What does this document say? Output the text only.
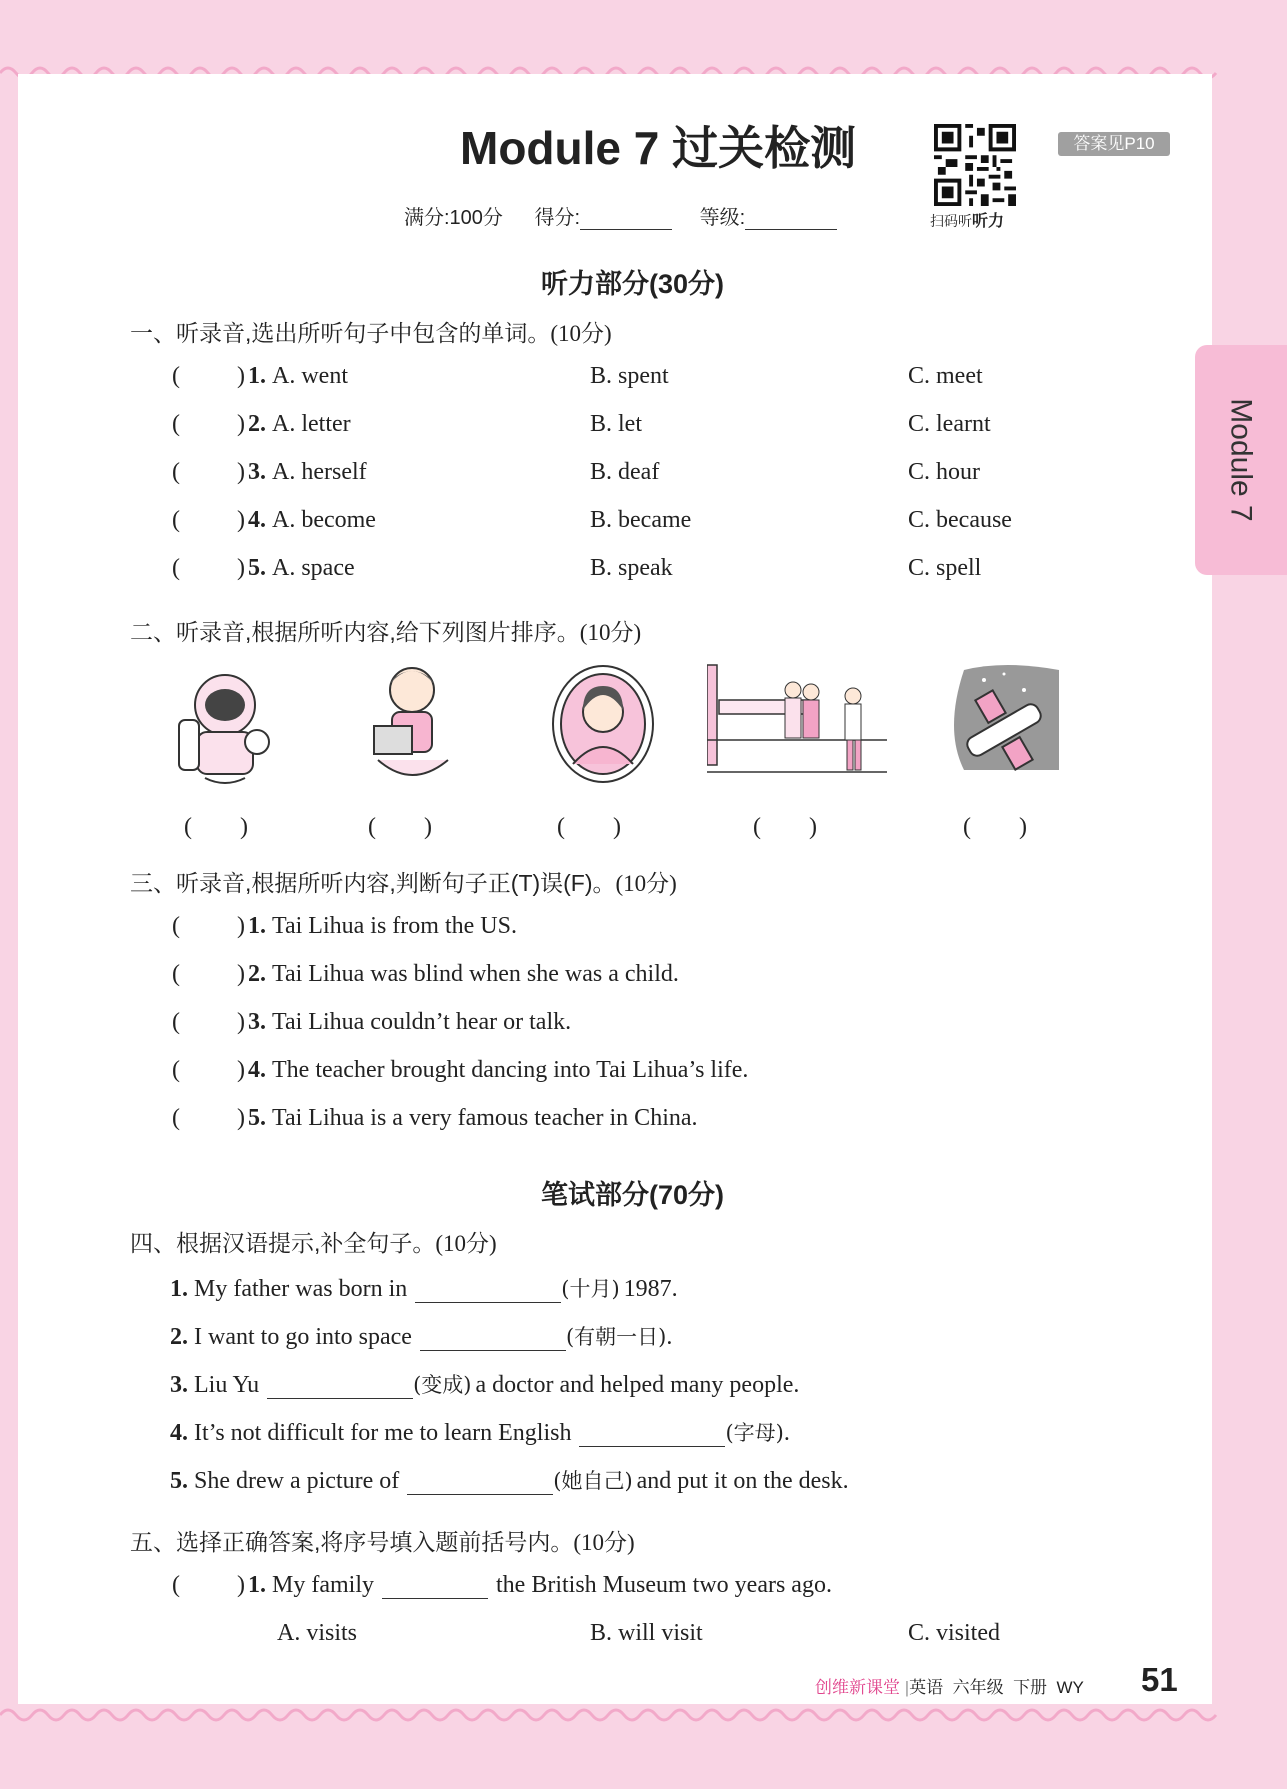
Module 7
Module 7 过关检测
扫码听听力
答案见P10
满分:100分 得分:	等级:
听力部分(30分)
一、听录音,选出所听句子中包含的单词。(10分)
( ) 1. A. went	B. spent	C. meet
( ) 2. A. letter	B. let	C. learnt
( ) 3. A. herself	B. deaf	C. hour
( ) 4. A. become	B. became	C. because
( ) 5. A. space	B. speak	C. spell
二、听录音,根据所听内容,给下列图片排序。(10分)
(　　)	(　　)	(　　)	(　　)	(　　)
三、听录音,根据所听内容,判断句子正(T)误(F)。(10分)
( ) 1. Tai Lihua is from the US.
( ) 2. Tai Lihua was blind when she was a child.
( ) 3. Tai Lihua couldn’t hear or talk.
( ) 4. The teacher brought dancing into Tai Lihua’s life.
( ) 5. Tai Lihua is a very famous teacher in China.
笔试部分(70分)
四、根据汉语提示,补全句子。(10分)
1. My father was born in	(十月) 1987.
2. I want to go into space	(有朝一日).
3. Liu Yu	(变成) a doctor and helped many people.
4. It’s not difficult for me to learn English	(字母).
5. She drew a picture of	(她自己) and put it on the desk.
五、选择正确答案,将序号填入题前括号内。(10分)
( ) 1. My family	the British Museum two years ago.
A. visits	B. will visit	C. visited
创维新课堂 |英语 六年级 下册 WY 51
